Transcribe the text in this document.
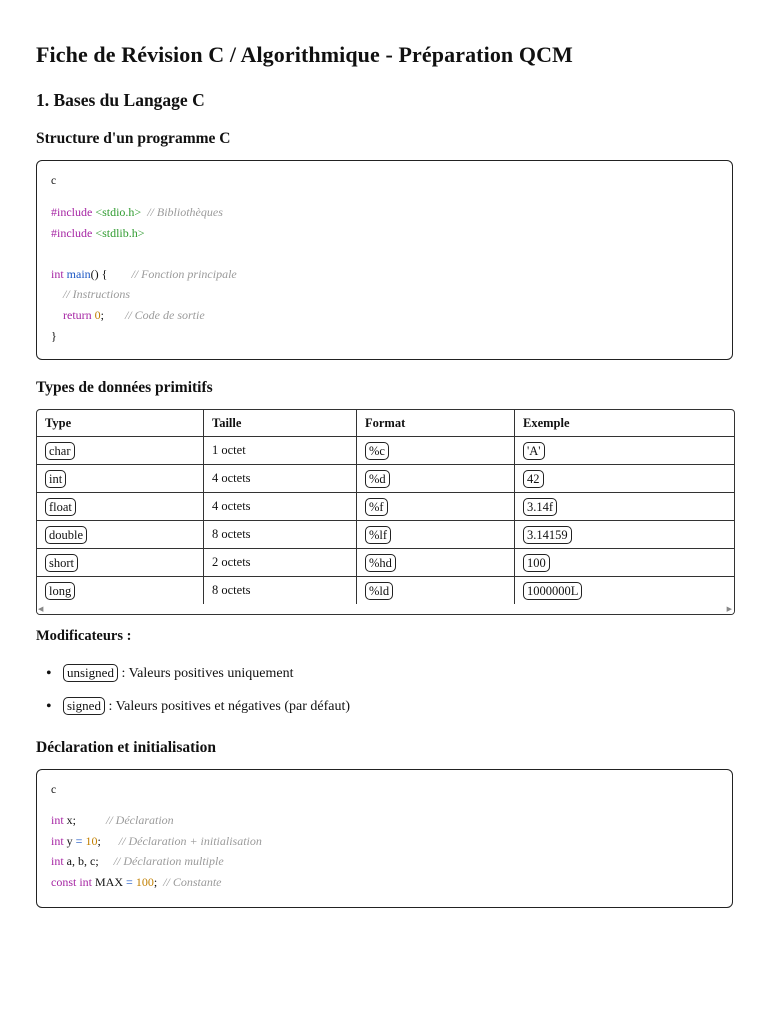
Fiche de Révision C / Algorithmique - Préparation QCM
1. Bases du Langage C
Structure d'un programme C
c
#include <stdio.h> // Bibliothèques
#include <stdlib.h>

int main() { // Fonction principale
// Instructions
return 0; // Code de sortie
}
Types de données primitifs
Type	Taille	Format	Exemple
char	1 octet	%c	'A'
int	4 octets	%d	42
float	4 octets	%f	3.14f
double	8 octets	%lf	3.14159
short	2 octets	%hd	100
long	8 octets	%ld	1000000L
◀	▶
Modificateurs :
• unsigned : Valeurs positives uniquement
• signed : Valeurs positives et négatives (par défaut)
Déclaration et initialisation
c
int x;	// Déclaration
int y = 10; // Déclaration + initialisation
int a, b, c; // Déclaration multiple
const int MAX = 100; // Constante
